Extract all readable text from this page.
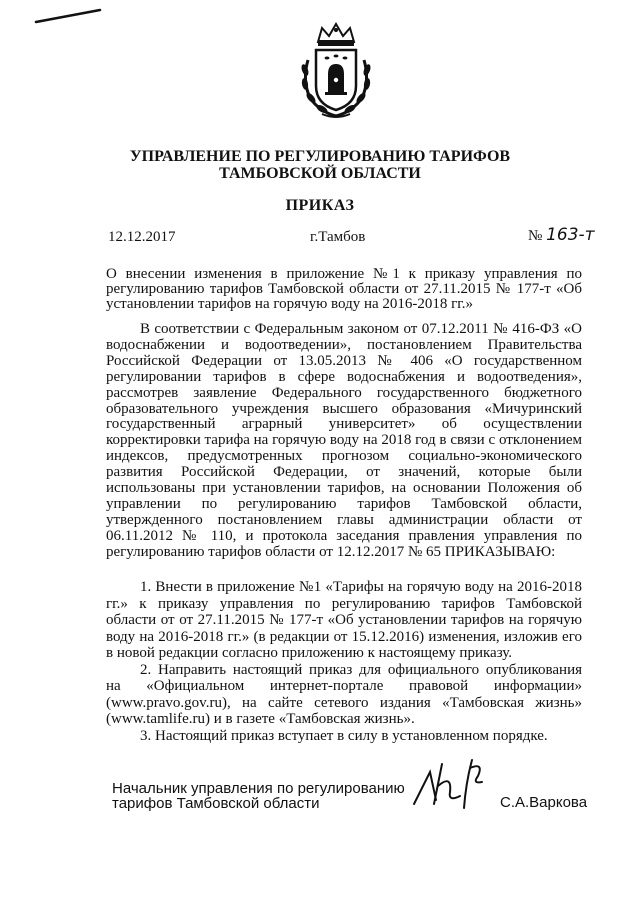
УПРАВЛЕНИЕ ПО РЕГУЛИРОВАНИЮ ТАРИФОВ
ТАМБОВСКОЙ ОБЛАСТИ
ПРИКАЗ
12.12.2017	г.Тамбов	№ 163-т
О внесении изменения в приложение №1 к приказу управления по регулированию тарифов Тамбовской области от 27.11.2015 № 177-т «Об установлении тарифов на горячую воду на 2016-2018 гг.»

В соответствии с Федеральным законом от 07.12.2011 № 416-ФЗ «О водоснабжении и водоотведении», постановлением Правительства Российской Федерации от 13.05.2013 № 406 «О государственном регулировании тарифов в сфере водоснабжения и водоотведения», рассмотрев заявление Федерального государственного бюджетного образовательного учреждения высшего образования «Мичуринский государственный аграрный университет» об осуществлении корректировки тарифа на горячую воду на 2018 год в связи с отклонением индексов, предусмотренных прогнозом социально-экономического развития Российской Федерации, от значений, которые были использованы при установлении тарифов, на основании Положения об управлении по регулированию тарифов Тамбовской области, утвержденного постановлением главы администрации области от 06.11.2012 № 110, и протокола заседания правления управления по регулированию тарифов области от 12.12.2017 № 65 ПРИКАЗЫВАЮ:

1. Внести в приложение №1 «Тарифы на горячую воду на 2016-2018 гг.» к приказу управления по регулированию тарифов Тамбовской области от от 27.11.2015 № 177-т «Об установлении тарифов на горячую воду на 2016-2018 гг.» (в редакции от 15.12.2016) изменения, изложив его в новой редакции согласно приложению к настоящему приказу.

2. Направить настоящий приказ для официального опубликования на «Официальном интернет-портале правовой информации» (www.pravo.gov.ru), на сайте сетевого издания «Тамбовская жизнь» (www.tamlife.ru) и в газете «Тамбовская жизнь».

3. Настоящий приказ вступает в силу в установленном порядке.

Начальник управления по регулированию
тарифов Тамбовской области	С.А.Варкова
